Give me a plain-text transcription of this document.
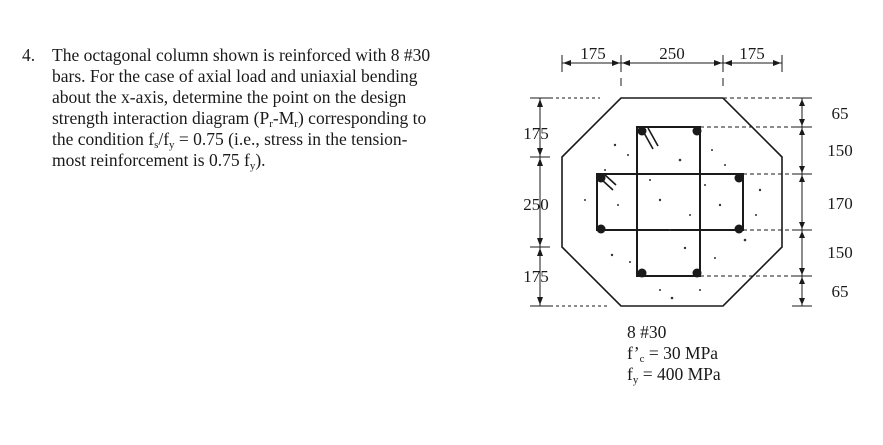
4. The octagonal column shown is reinforced with 8 #30
bars. For the case of axial load and uniaxial bending
about the x-axis, determine the point on the design
strength interaction diagram $(P_r-M_r)$ corresponding to
the condition $f_s/f_y = 0.75$ (i.e., stress in the tension-
most reinforcement is 0.75 $f_y$).
175	250	175
175
250
175
65
150
170
150
65
8 #30
$f’_c = 30$ MPa
$f_y = 400$ MPa
